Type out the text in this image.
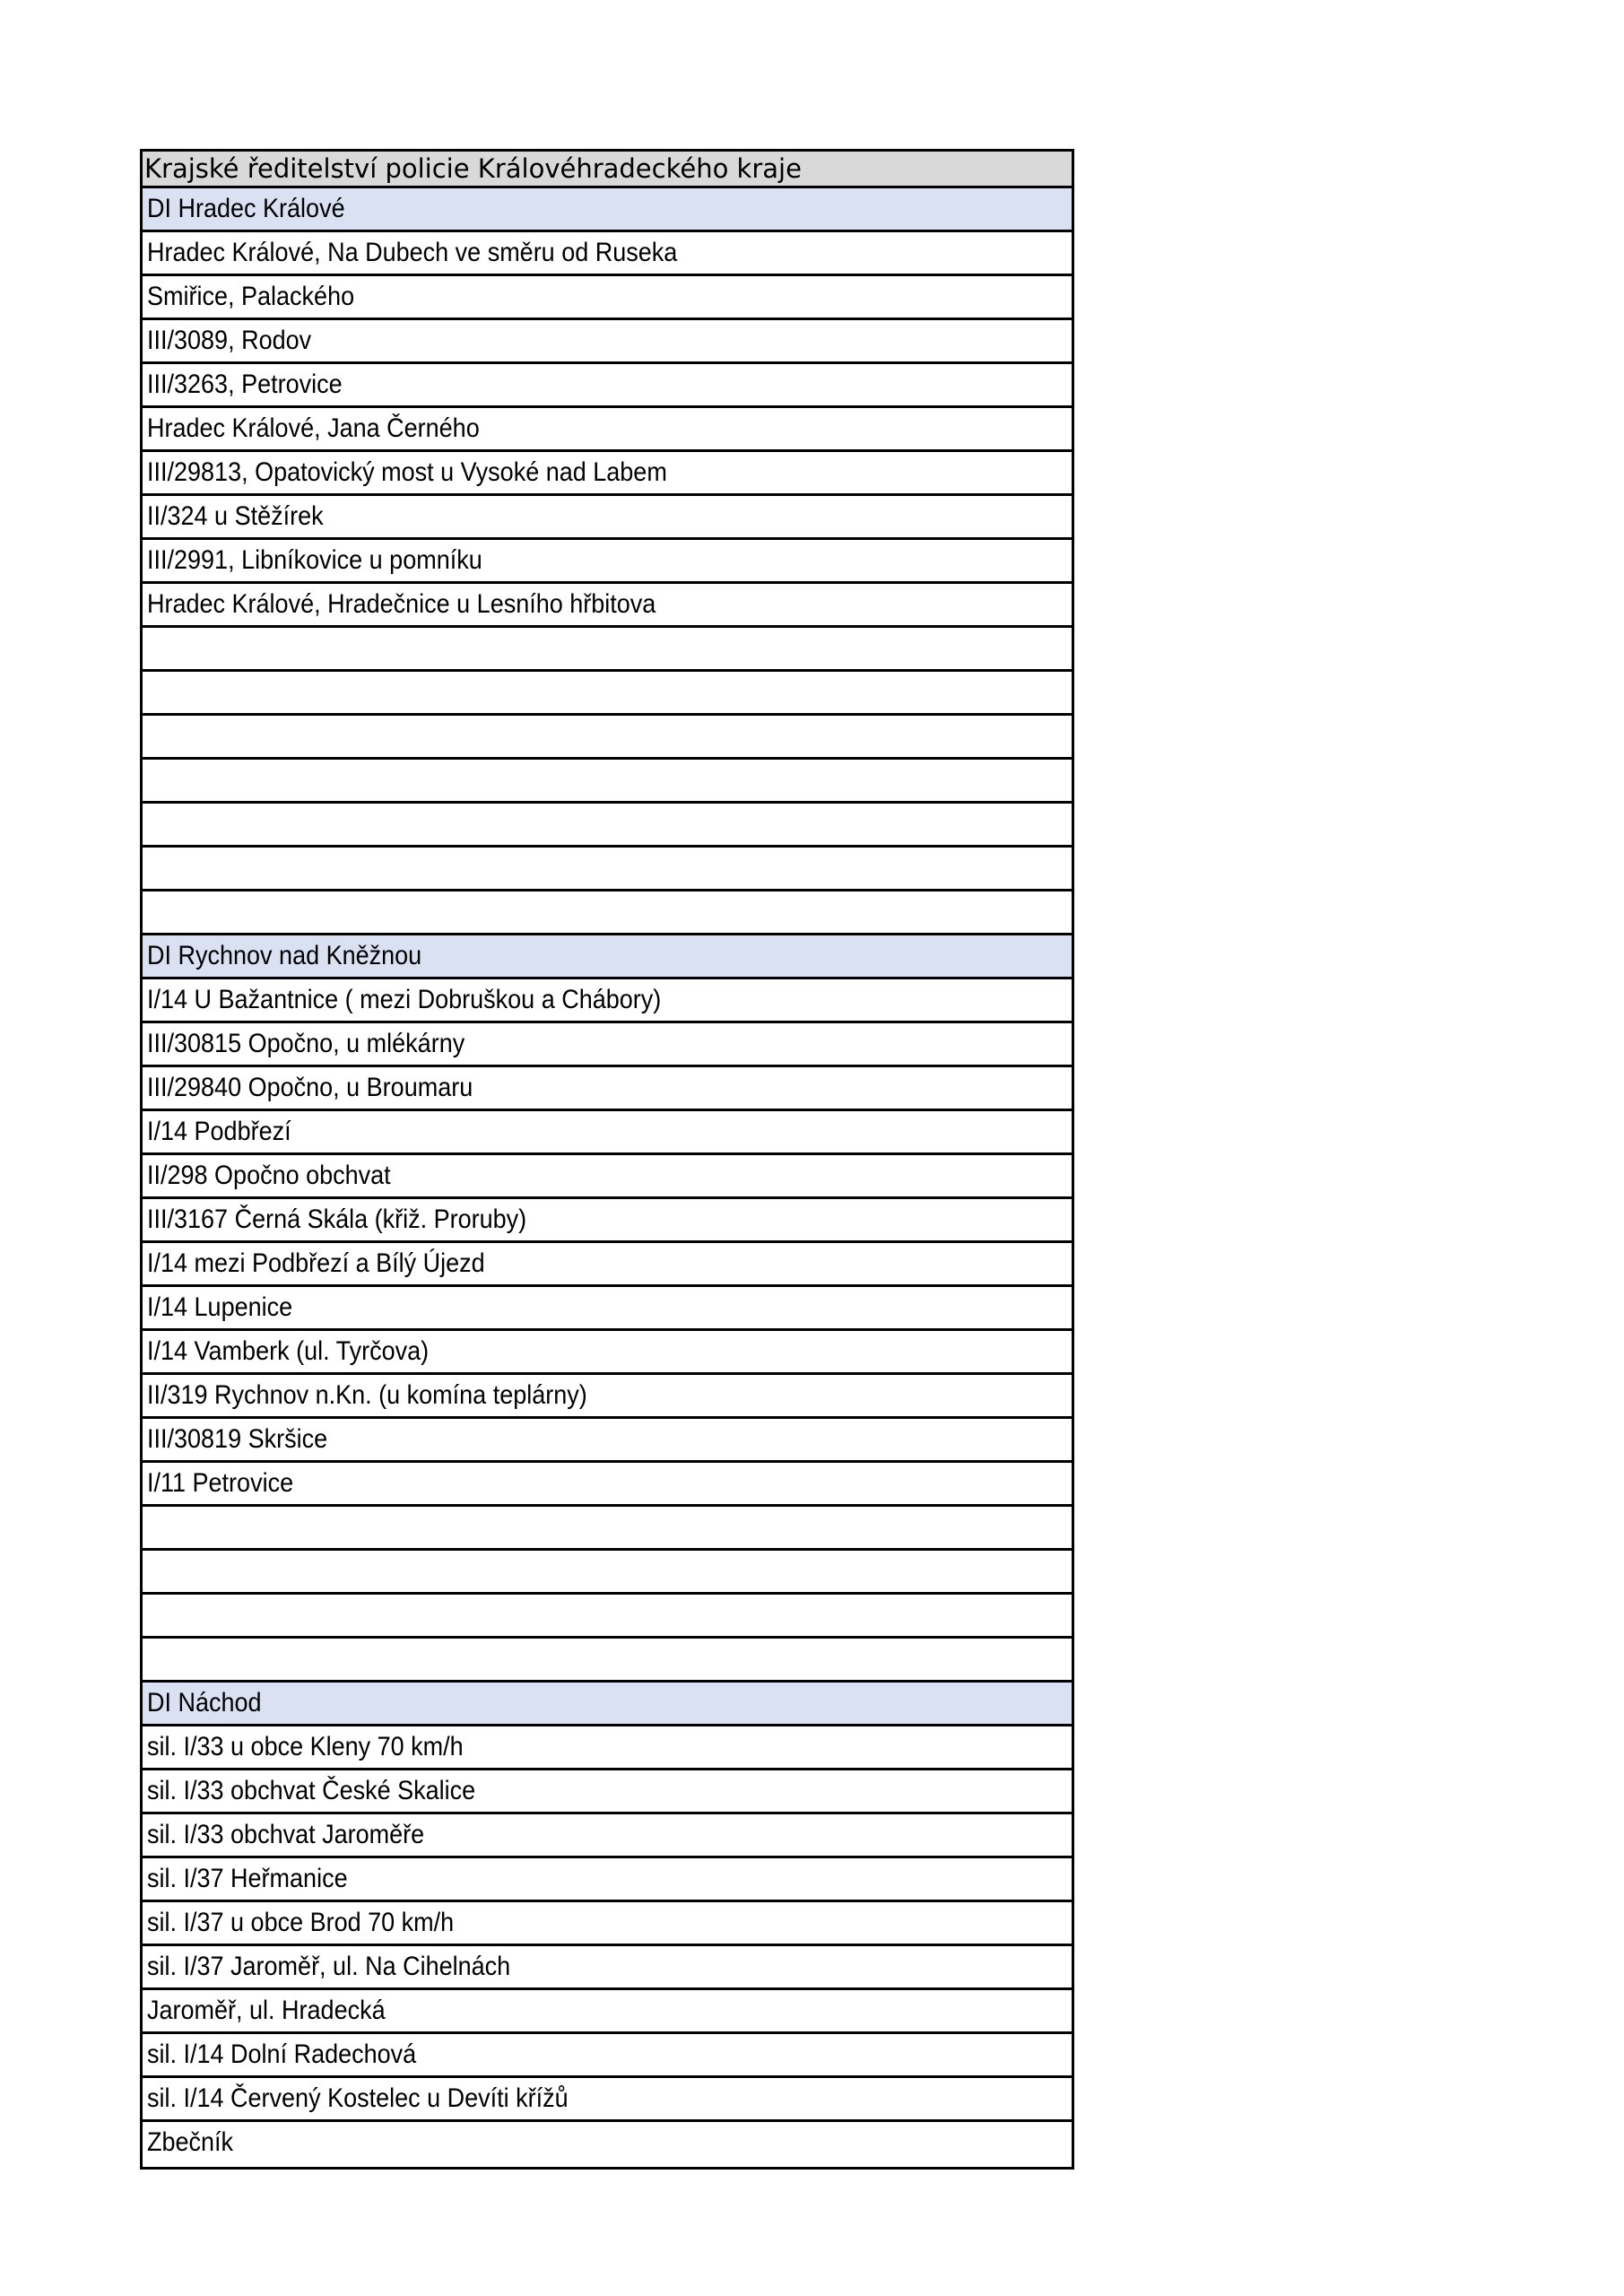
Krajské ředitelství policie Královéhradeckého kraje
DI Hradec Králové
Hradec Králové, Na Dubech ve směru od Ruseka
Smiřice, Palackého
III/3089, Rodov
III/3263, Petrovice
Hradec Králové, Jana Černého
III/29813, Opatovický most u Vysoké nad Labem
II/324 u Stěžírek
III/2991, Libníkovice u pomníku
Hradec Králové, Hradečnice u Lesního hřbitova
DI Rychnov nad Kněžnou
I/14 U Bažantnice ( mezi Dobruškou a Chábory)
III/30815 Opočno, u mlékárny
III/29840 Opočno, u Broumaru
I/14 Podbřezí
II/298 Opočno obchvat
III/3167 Černá Skála (křiž. Proruby)
I/14 mezi Podbřezí a Bílý Újezd
I/14 Lupenice
I/14 Vamberk (ul. Tyrčova)
II/319 Rychnov n.Kn. (u komína teplárny)
III/30819 Skršice
I/11 Petrovice
DI Náchod
sil. I/33 u obce Kleny 70 km/h
sil. I/33 obchvat České Skalice
sil. I/33 obchvat Jaroměře
sil. I/37 Heřmanice
sil. I/37 u obce Brod 70 km/h
sil. I/37 Jaroměř, ul. Na Cihelnách
Jaroměř, ul. Hradecká
sil. I/14 Dolní Radechová
sil. I/14 Červený Kostelec u Devíti křížů
Zbečník
